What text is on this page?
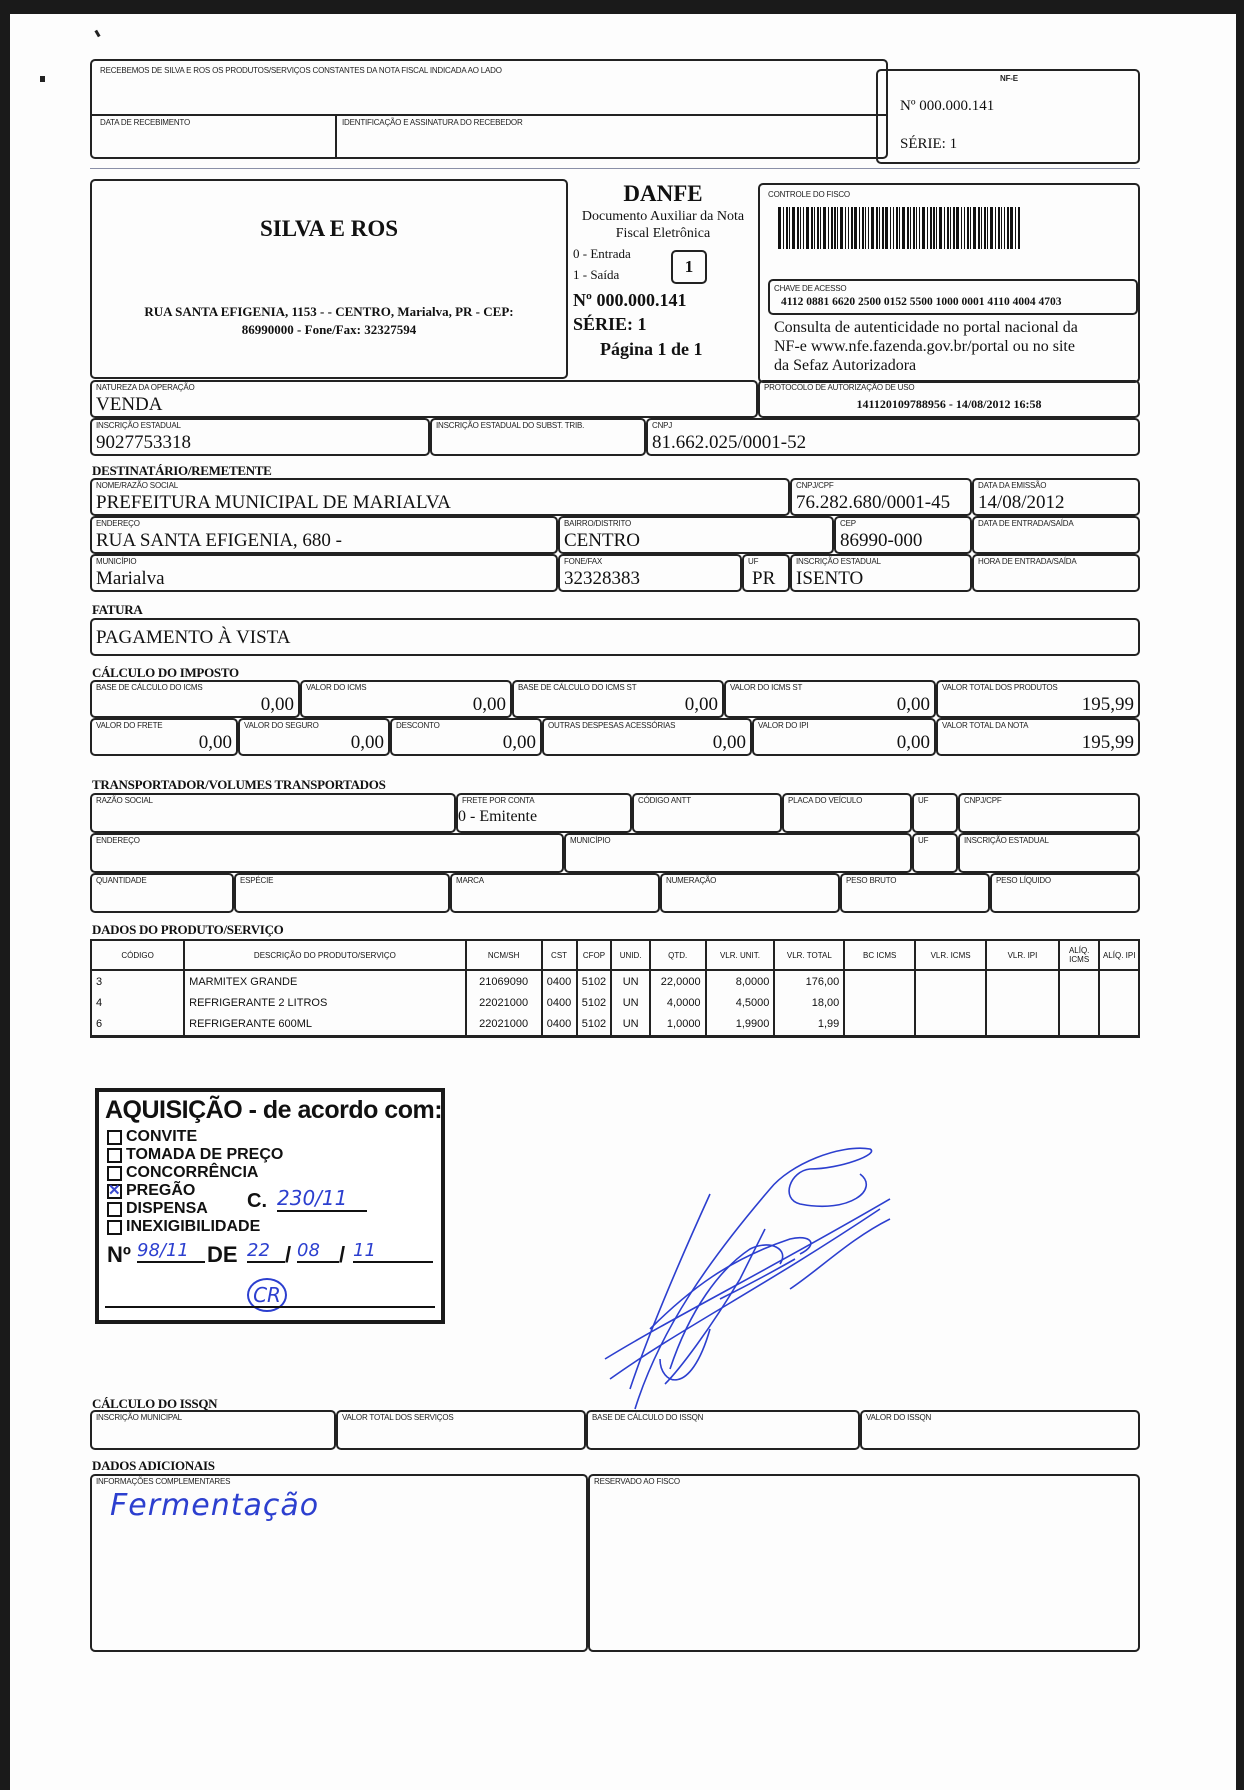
RECEBEMOS DE SILVA E ROS OS PRODUTOS/SERVIÇOS CONSTANTES DA NOTA FISCAL INDICADA AO LADO
DATA DE RECEBIMENTO	IDENTIFICAÇÃO E ASSINATURA DO RECEBEDOR
NF-E
Nº 000.000.141
SÉRIE: 1
SILVA E ROS
RUA SANTA EFIGENIA, 1153 - - CENTRO, Marialva, PR - CEP:
86990000 - Fone/Fax: 32327594
DANFE
Documento Auxiliar da Nota
Fiscal Eletrônica
0 - Entrada
1 - Saída	1
Nº 000.000.141
SÉRIE: 1
Página 1 de 1
CONTROLE DO FISCO
CHAVE DE ACESSO
4112 0881 6620 2500 0152 5500 1000 0001 4110 4004 4703
Consulta de autenticidade no portal nacional da
NF-e www.nfe.fazenda.gov.br/portal ou no site
da Sefaz Autorizadora
NATUREZA DA OPERAÇÃO
VENDA
PROTOCOLO DE AUTORIZAÇÃO DE USO
141120109788956 - 14/08/2012 16:58
INSCRIÇÃO ESTADUAL
9027753318
INSCRIÇÃO ESTADUAL DO SUBST. TRIB.	CNPJ
81.662.025/0001-52
DESTINATÁRIO/REMETENTE
NOME/RAZÃO SOCIAL
PREFEITURA MUNICIPAL DE MARIALVA
CNPJ/CPF
76.282.680/0001-45
DATA DA EMISSÃO
14/08/2012
ENDEREÇO
RUA SANTA EFIGENIA, 680 -
BAIRRO/DISTRITO
CENTRO
CEP
86990-000
DATA DE ENTRADA/SAÍDA
MUNICÍPIO
Marialva
FONE/FAX
32328383
UF
PR
INSCRIÇÃO ESTADUAL
ISENTO
HORA DE ENTRADA/SAÍDA
FATURA
PAGAMENTO À VISTA
CÁLCULO DO IMPOSTO
BASE DE CÁLCULO DO ICMS
0,00
VALOR DO ICMS
0,00
BASE DE CÁLCULO DO ICMS ST
0,00
VALOR DO ICMS ST
0,00
VALOR TOTAL DOS PRODUTOS
195,99
VALOR DO FRETE
0,00
VALOR DO SEGURO
0,00
DESCONTO
0,00
OUTRAS DESPESAS ACESSÓRIAS
0,00
VALOR DO IPI
0,00
VALOR TOTAL DA NOTA
195,99
TRANSPORTADOR/VOLUMES TRANSPORTADOS
RAZÃO SOCIAL	FRETE POR CONTA
0 - Emitente
CÓDIGO ANTT	PLACA DO VEÍCULO	UF	CNPJ/CPF
ENDEREÇO	MUNICÍPIO	UF	INSCRIÇÃO ESTADUAL
QUANTIDADE	ESPÉCIE	MARCA	NUMERAÇÃO	PESO BRUTO	PESO LÍQUIDO
DADOS DO PRODUTO/SERVIÇO
CÓDIGO	DESCRIÇÃO DO PRODUTO/SERVIÇO	NCM/SH	CST	CFOP	UNID.	QTD.	VLR. UNIT.	VLR. TOTAL	BC ICMS	VLR. ICMS	VLR. IPI	ALÍQ. ICMS	ALÍQ. IPI
3	MARMITEX GRANDE	21069090	0400	5102	UN	22,0000	8,0000	176,00					
4	REFRIGERANTE 2 LITROS	22021000	0400	5102	UN	4,0000	4,5000	18,00					
6	REFRIGERANTE 600ML	22021000	0400	5102	UN	1,0000	1,9900	1,99					
AQUISIÇÃO - de acordo com:
CONVITE
TOMADA DE PREÇO
CONCORRÊNCIA
✕
PREGÃO
DISPENSA
INEXIGIBILIDADE
C. 230/11
Nº 98/11 DE 22 / 08 / 11
CR
CÁLCULO DO ISSQN
INSCRIÇÃO MUNICIPAL	VALOR TOTAL DOS SERVIÇOS	BASE DE CÁLCULO DO ISSQN	VALOR DO ISSQN
DADOS ADICIONAIS
INFORMAÇÕES COMPLEMENTARES
Fermentação
RESERVADO AO FISCO
